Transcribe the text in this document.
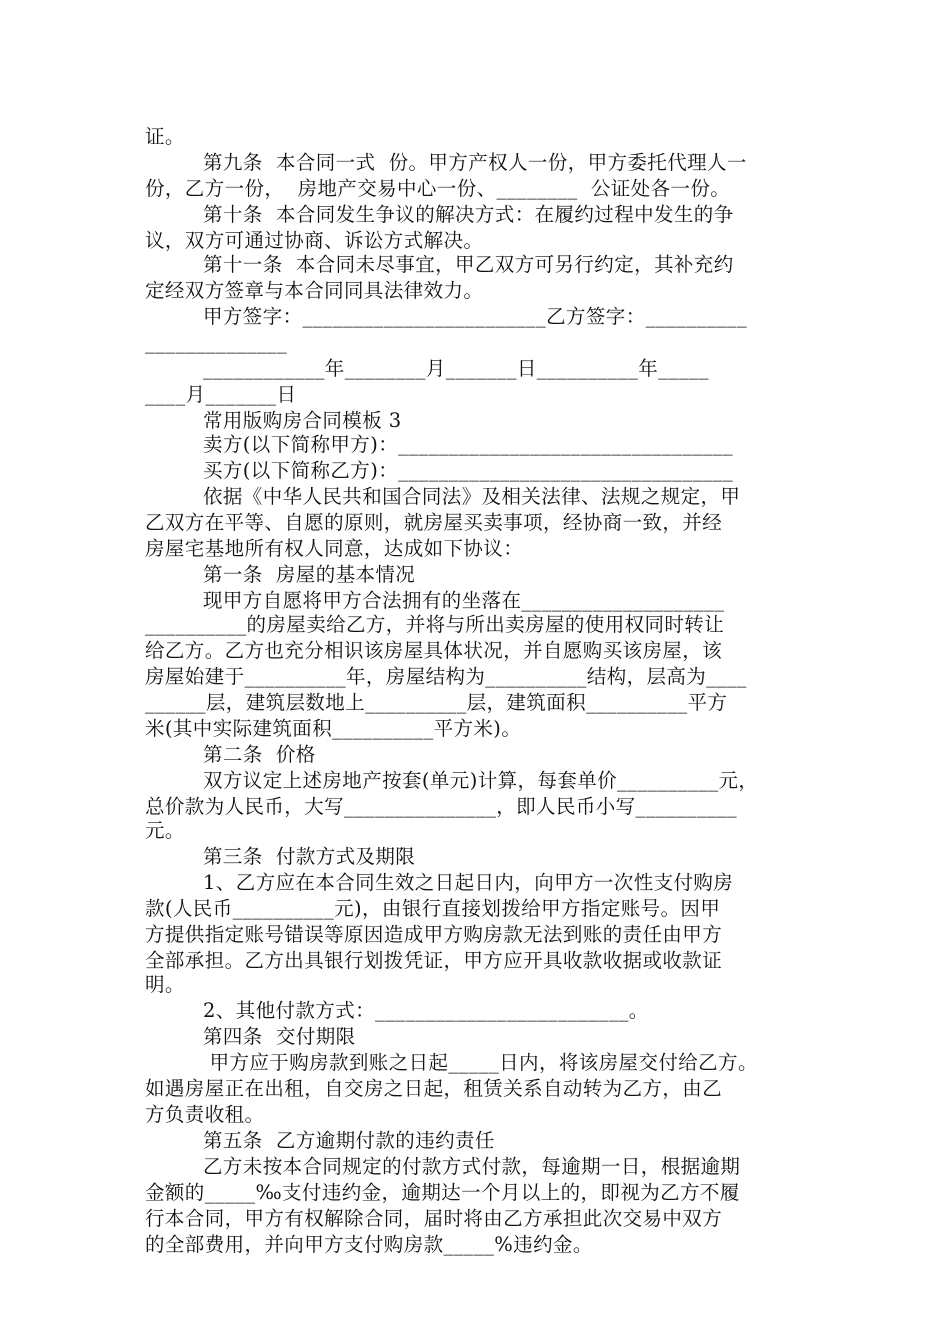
证。
第九条  本合同一式  份。甲方产权人一份，甲方委托代理人一
份，乙方一份，  房地产交易中心一份、________  公证处各一份。
第十条  本合同发生争议的解决方式：在履约过程中发生的争
议，双方可通过协商、诉讼方式解决。
第十一条  本合同未尽事宜，甲乙双方可另行约定，其补充约
定经双方签章与本合同同具法律效力。
甲方签字：________________________乙方签字：__________
______________
____________年________月_______日__________年_____
____月_______日
常用版购房合同模板 3
卖方(以下简称甲方)：_________________________________
买方(以下简称乙方)：_________________________________
依据《中华人民共和国合同法》及相关法律、法规之规定，甲
乙双方在平等、自愿的原则，就房屋买卖事项，经协商一致，并经
房屋宅基地所有权人同意，达成如下协议：
第一条  房屋的基本情况
现甲方自愿将甲方合法拥有的坐落在____________________
__________的房屋卖给乙方，并将与所出卖房屋的使用权同时转让
给乙方。乙方也充分相识该房屋具体状况，并自愿购买该房屋，该
房屋始建于__________年，房屋结构为__________结构，层高为____
______层，建筑层数地上__________层，建筑面积__________平方
米(其中实际建筑面积__________平方米)。
第二条  价格
双方议定上述房地产按套(单元)计算，每套单价__________元，
总价款为人民币，大写_______________，即人民币小写__________
元。
第三条  付款方式及期限
1、乙方应在本合同生效之日起日内，向甲方一次性支付购房
款(人民币__________元)，由银行直接划拨给甲方指定账号。因甲
方提供指定账号错误等原因造成甲方购房款无法到账的责任由甲方
全部承担。乙方出具银行划拨凭证，甲方应开具收款收据或收款证
明。
2、其他付款方式：_________________________。
第四条  交付期限
甲方应于购房款到账之日起_____日内，将该房屋交付给乙方。
如遇房屋正在出租，自交房之日起，租赁关系自动转为乙方，由乙
方负责收租。
第五条  乙方逾期付款的违约责任
乙方未按本合同规定的付款方式付款，每逾期一日，根据逾期
金额的_____‰支付违约金，逾期达一个月以上的，即视为乙方不履
行本合同，甲方有权解除合同，届时将由乙方承担此次交易中双方
的全部费用，并向甲方支付购房款_____%违约金。
